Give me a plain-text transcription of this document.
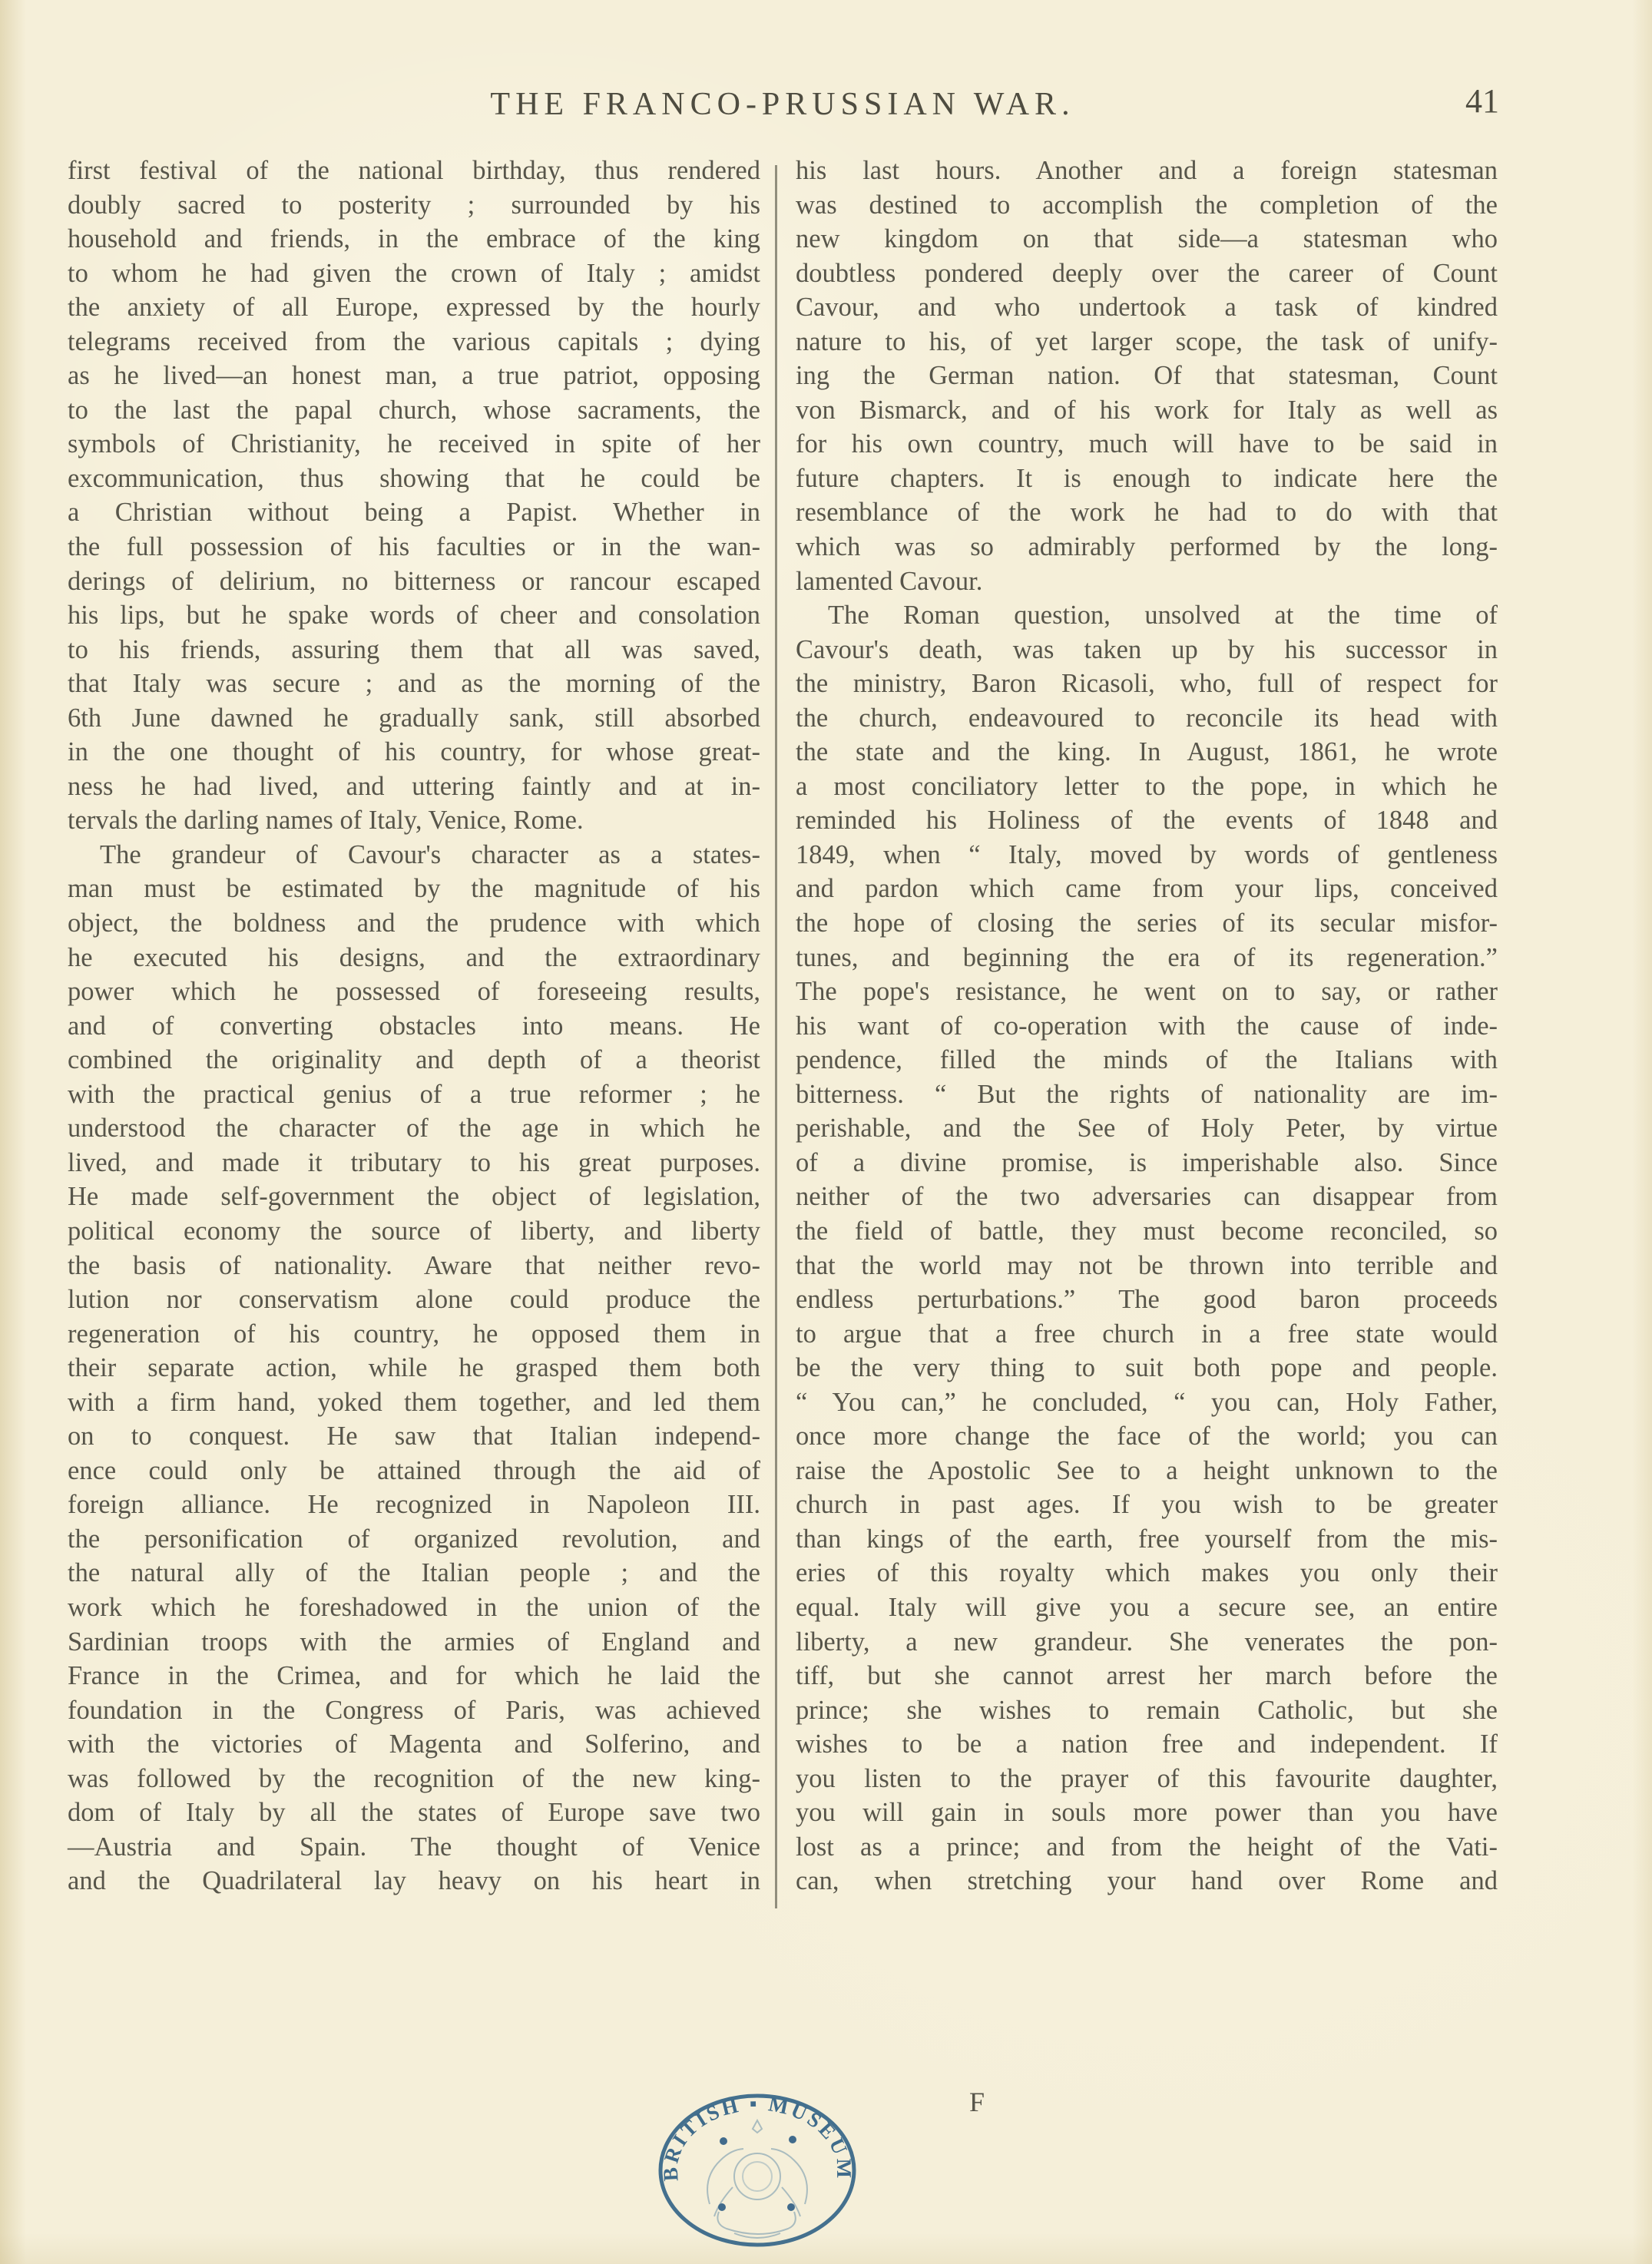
THE FRANCO-PRUSSIAN WAR.	41
first festival of the national birthday, thus rendered
doubly sacred to posterity ; surrounded by his
household and friends, in the embrace of the king
to whom he had given the crown of Italy ; amidst
the anxiety of all Europe, expressed by the hourly
telegrams received from the various capitals ; dying
as he lived—an honest man, a true patriot, opposing
to the last the papal church, whose sacraments, the
symbols of Christianity, he received in spite of her
excommunication, thus showing that he could be
a Christian without being a Papist. Whether in
the full possession of his faculties or in the wan-
derings of delirium, no bitterness or rancour escaped
his lips, but he spake words of cheer and consolation
to his friends, assuring them that all was saved,
that Italy was secure ; and as the morning of the
6th June dawned he gradually sank, still absorbed
in the one thought of his country, for whose great-
ness he had lived, and uttering faintly and at in-
tervals the darling names of Italy, Venice, Rome.
The grandeur of Cavour's character as a states-
man must be estimated by the magnitude of his
object, the boldness and the prudence with which
he executed his designs, and the extraordinary
power which he possessed of foreseeing results,
and of converting obstacles into means. He
combined the originality and depth of a theorist
with the practical genius of a true reformer ; he
understood the character of the age in which he
lived, and made it tributary to his great purposes.
He made self-government the object of legislation,
political economy the source of liberty, and liberty
the basis of nationality. Aware that neither revo-
lution nor conservatism alone could produce the
regeneration of his country, he opposed them in
their separate action, while he grasped them both
with a firm hand, yoked them together, and led them
on to conquest. He saw that Italian independ-
ence could only be attained through the aid of
foreign alliance. He recognized in Napoleon III.
the personification of organized revolution, and
the natural ally of the Italian people ; and the
work which he foreshadowed in the union of the
Sardinian troops with the armies of England and
France in the Crimea, and for which he laid the
foundation in the Congress of Paris, was achieved
with the victories of Magenta and Solferino, and
was followed by the recognition of the new king-
dom of Italy by all the states of Europe save two
—Austria and Spain. The thought of Venice
and the Quadrilateral lay heavy on his heart in
his last hours. Another and a foreign statesman
was destined to accomplish the completion of the
new kingdom on that side—a statesman who
doubtless pondered deeply over the career of Count
Cavour, and who undertook a task of kindred
nature to his, of yet larger scope, the task of unify-
ing the German nation. Of that statesman, Count
von Bismarck, and of his work for Italy as well as
for his own country, much will have to be said in
future chapters. It is enough to indicate here the
resemblance of the work he had to do with that
which was so admirably performed by the long-
lamented Cavour.
The Roman question, unsolved at the time of
Cavour's death, was taken up by his successor in
the ministry, Baron Ricasoli, who, full of respect for
the church, endeavoured to reconcile its head with
the state and the king. In August, 1861, he wrote
a most conciliatory letter to the pope, in which he
reminded his Holiness of the events of 1848 and
1849, when “ Italy, moved by words of gentleness
and pardon which came from your lips, conceived
the hope of closing the series of its secular misfor-
tunes, and beginning the era of its regeneration.”
The pope's resistance, he went on to say, or rather
his want of co-operation with the cause of inde-
pendence, filled the minds of the Italians with
bitterness. “ But the rights of nationality are im-
perishable, and the See of Holy Peter, by virtue
of a divine promise, is imperishable also. Since
neither of the two adversaries can disappear from
the field of battle, they must become reconciled, so
that the world may not be thrown into terrible and
endless perturbations.” The good baron proceeds
to argue that a free church in a free state would
be the very thing to suit both pope and people.
“ You can,” he concluded, “ you can, Holy Father,
once more change the face of the world; you can
raise the Apostolic See to a height unknown to the
church in past ages. If you wish to be greater
than kings of the earth, free yourself from the mis-
eries of this royalty which makes you only their
equal. Italy will give you a secure see, an entire
liberty, a new grandeur. She venerates the pon-
tiff, but she cannot arrest her march before the
prince; she wishes to remain Catholic, but she
wishes to be a nation free and independent. If
you listen to the prayer of this favourite daughter,
you will gain in souls more power than you have
lost as a prince; and from the height of the Vati-
can, when stretching your hand over Rome and
F
BRITISH ▪ MUSEUM
